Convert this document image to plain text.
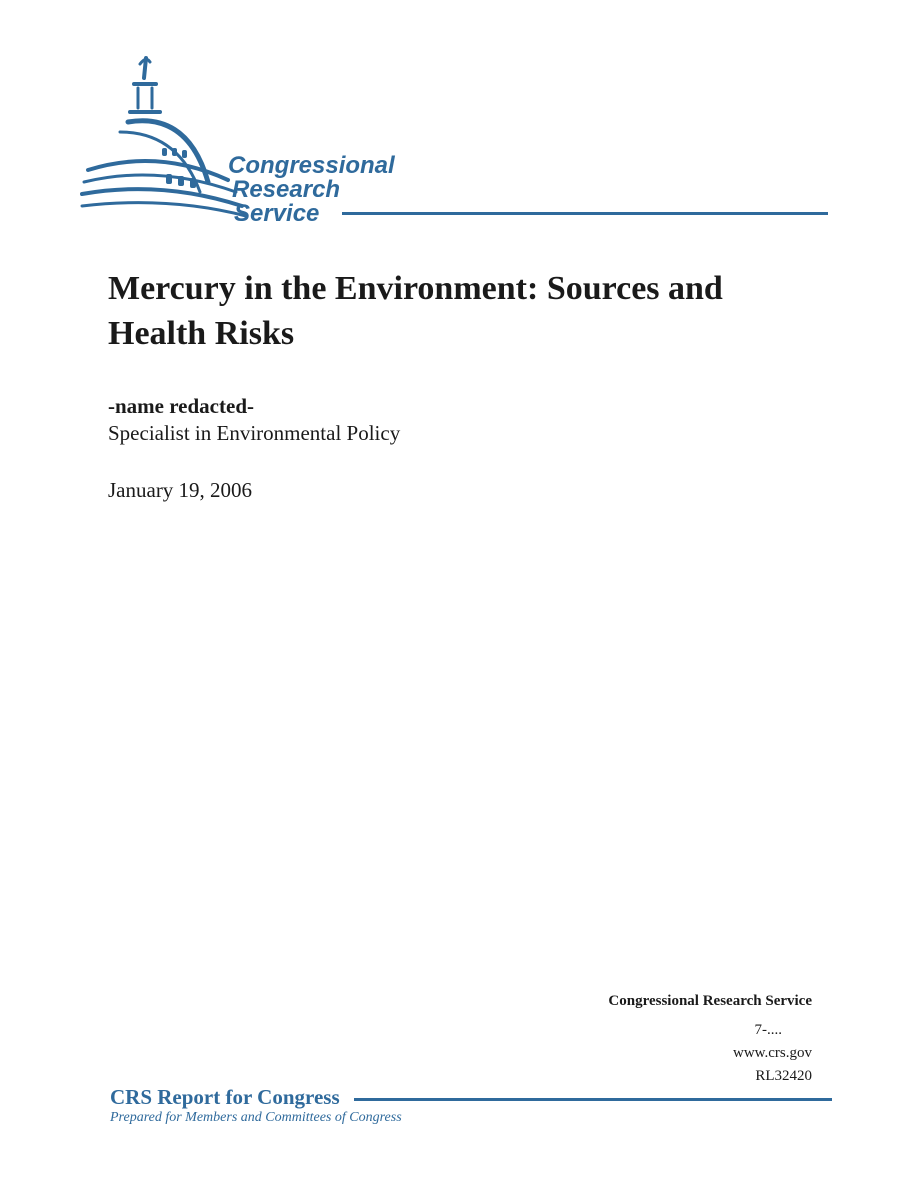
Congressional
Research
Service
Mercury in the Environment: Sources and Health Risks
-name redacted-
Specialist in Environmental Policy
January 19, 2006
Congressional Research Service
7-....
www.crs.gov
RL32420
CRS Report for Congress
Prepared for Members and Committees of Congress
